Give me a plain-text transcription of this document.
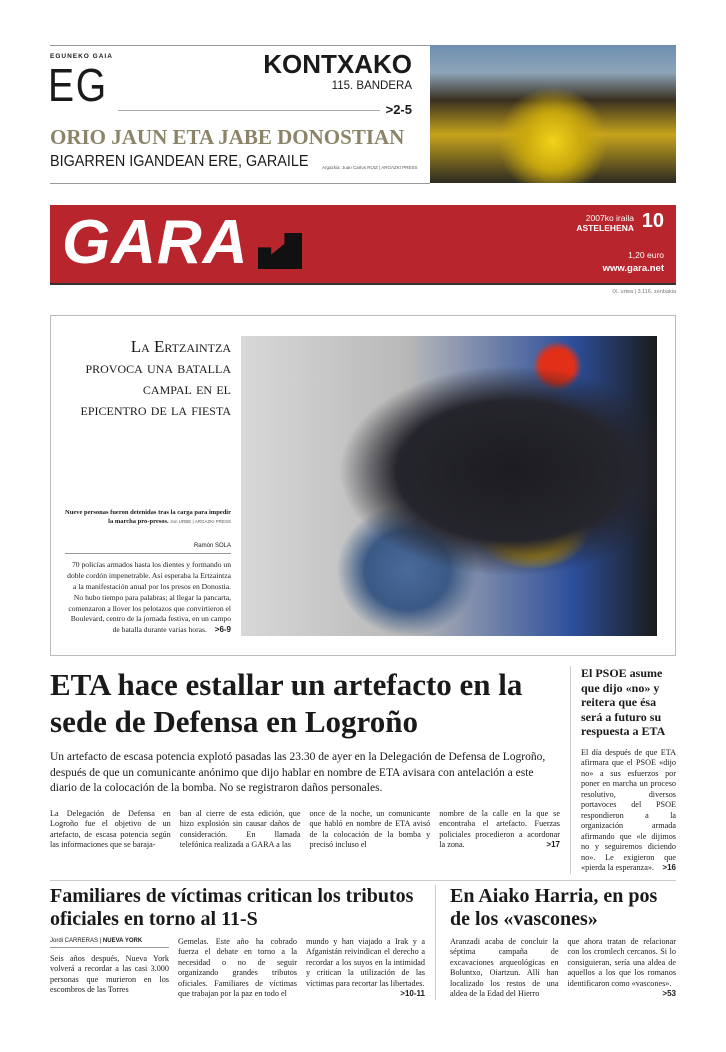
EGUNEKO GAIA
EG	KONTXAKO
115. BANDERA
>2-5
ORIO JAUN ETA JABE DONOSTIAN
BIGARREN IGANDEAN ERE, GARAILE	Argazkia: Juan Carlos RUIZ | ARGAZKI PRESS
GARA	2007ko iraila
ASTELEHENA 10
1,20 euro
www.gara.net
IX. urtea | 3.116. zenbakia
La Ertzaintza provoca una batalla campal en el epicentro de la fiesta
Nueve personas fueron detenidas tras la carga para impedir la marcha pro-presos. Jon URBE | ARGAZKI PRESS
Ramón SOLA
70 policías armados hasta los dientes y formando un doble cordón impenetrable. Así esperaba la Ertzaintza a la manifestación anual por los presos en Donostia. No hubo tiempo para palabras; al llegar la pancarta, comenzaron a llover los pelotazos que convirtieron el Boulevard, centro de la jornada festiva, en un campo de batalla durante varias horas. >6-9
ETA hace estallar un artefacto en la sede de Defensa en Logroño
Un artefacto de escasa potencia explotó pasadas las 23.30 de ayer en la Delegación de Defensa de Logroño, después de que un comunicante anónimo que dijo hablar en nombre de ETA avisara con antelación a este diario de la colocación de la bomba. No se registraron daños personales.
La Delegación de Defensa en Logroño fue el objetivo de un artefacto, de escasa potencia según las informaciones que se baraja-
ban al cierre de esta edición, que hizo explosión sin causar daños de consideración. En llamada telefónica realizada a GARA a las
once de la noche, un comunicante que habló en nombre de ETA avisó de la colocación de la bomba y precisó incluso el
nombre de la calle en la que se encontraba el artefacto. Fuerzas policiales procedieron a acordonar la zona.	>17
El PSOE asume que dijo «no» y reitera que ésa será a futuro su respuesta a ETA
El día después de que ETA afirmara que el PSOE «dijo no» a sus esfuerzos por poner en marcha un proceso resolutivo, diversos portavoces del PSOE respondieron a la organización armada afirmando que «le dijimos no y seguiremos diciendo no». Le exigieron que «pierda la esperanza». >16
Familiares de víctimas critican los tributos oficiales en torno al 11-S
Jordi CARRERAS | NUEVA YORK
Seis años después, Nueva York volverá a recordar a las casi 3.000 personas que murieron en los escombros de las Torres
Gemelas. Este año ha cobrado fuerza el debate en torno a la necesidad o no de seguir organizando grandes tributos oficiales. Familiares de víctimas que trabajan por la paz en todo el
mundo y han viajado a Irak y a Afganistán reivindican el derecho a recordar a los suyos en la intimidad y critican la utilización de las víctimas para recortar las libertades.
>10-11
En Aiako Harria, en pos de los «vascones»
Aranzadi acaba de concluir la séptima campaña de excavaciones arqueológicas en Boluntxo, Oiartzun. Allí han localizado los restos de una aldea de la Edad del Hierro
que ahora tratan de relacionar con los cromlech cercanos. Si lo consiguieran, sería una aldea de aquellos a los que los romanos identificaron como «vascones».
>53
